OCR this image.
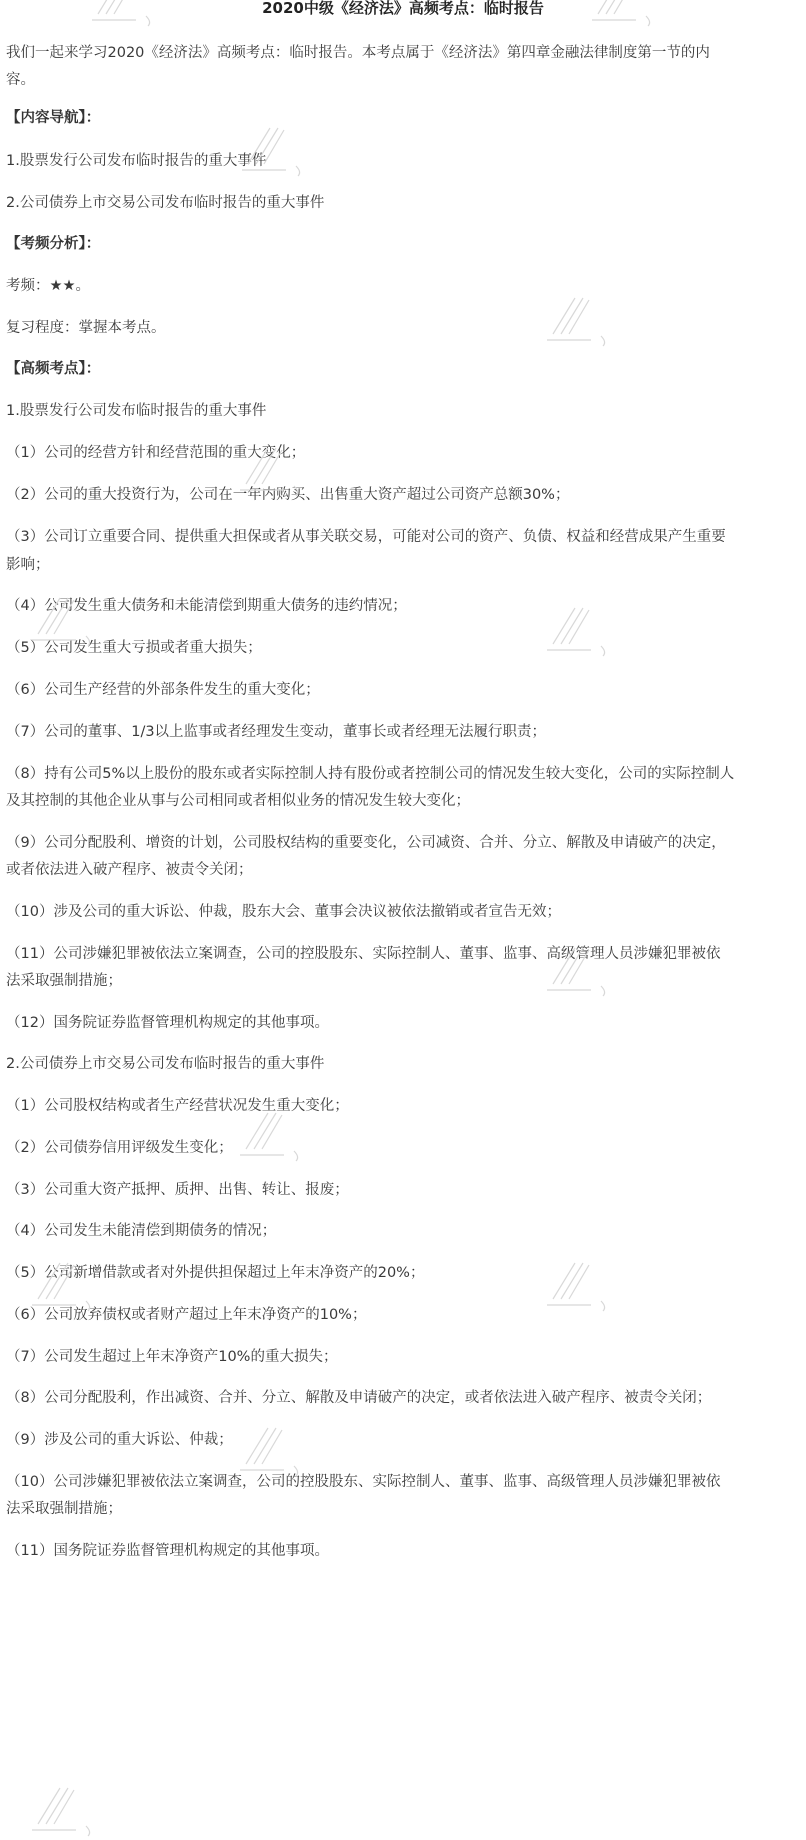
2020中级《经济法》高频考点：临时报告
我们一起来学习2020《经济法》高频考点：临时报告。本考点属于《经济法》第四章金融法律制度第一节的内
容。
【内容导航】：
1.股票发行公司发布临时报告的重大事件
2.公司债券上市交易公司发布临时报告的重大事件
【考频分析】：
考频：★★。
复习程度：掌握本考点。
【高频考点】：
1.股票发行公司发布临时报告的重大事件
（1）公司的经营方针和经营范围的重大变化；
（2）公司的重大投资行为，公司在一年内购买、出售重大资产超过公司资产总额30%；
（3）公司订立重要合同、提供重大担保或者从事关联交易，可能对公司的资产、负债、权益和经营成果产生重要
影响；
（4）公司发生重大债务和未能清偿到期重大债务的违约情况；
（5）公司发生重大亏损或者重大损失；
（6）公司生产经营的外部条件发生的重大变化；
（7）公司的董事、1/3以上监事或者经理发生变动，董事长或者经理无法履行职责；
（8）持有公司5%以上股份的股东或者实际控制人持有股份或者控制公司的情况发生较大变化，公司的实际控制人
及其控制的其他企业从事与公司相同或者相似业务的情况发生较大变化；
（9）公司分配股利、增资的计划，公司股权结构的重要变化，公司减资、合并、分立、解散及申请破产的决定，
或者依法进入破产程序、被责令关闭；
（10）涉及公司的重大诉讼、仲裁，股东大会、董事会决议被依法撤销或者宣告无效；
（11）公司涉嫌犯罪被依法立案调查，公司的控股股东、实际控制人、董事、监事、高级管理人员涉嫌犯罪被依
法采取强制措施；
（12）国务院证券监督管理机构规定的其他事项。
2.公司债券上市交易公司发布临时报告的重大事件
（1）公司股权结构或者生产经营状况发生重大变化；
（2）公司债券信用评级发生变化；
（3）公司重大资产抵押、质押、出售、转让、报废；
（4）公司发生未能清偿到期债务的情况；
（5）公司新增借款或者对外提供担保超过上年末净资产的20%；
（6）公司放弃债权或者财产超过上年末净资产的10%；
（7）公司发生超过上年末净资产10%的重大损失；
（8）公司分配股利，作出减资、合并、分立、解散及申请破产的决定，或者依法进入破产程序、被责令关闭；
（9）涉及公司的重大诉讼、仲裁；
（10）公司涉嫌犯罪被依法立案调查，公司的控股股东、实际控制人、董事、监事、高级管理人员涉嫌犯罪被依
法采取强制措施；
（11）国务院证券监督管理机构规定的其他事项。
